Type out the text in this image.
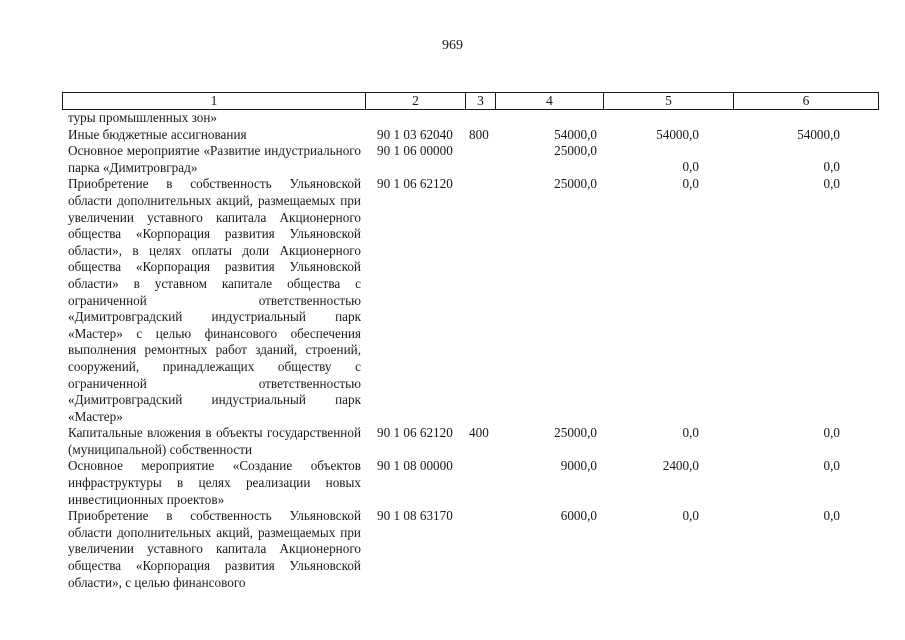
969
1	2	3	4	5	6
туры промышленных зон»					
Иные бюджетные ассигнования	90 1 03 62040	800	54000,0	54000,0	54000,0
Основное мероприятие «Развитие индустриального парка «Димитровград»	90 1 06 00000		25000,0	0,0	0,0
Приобретение в собственность Ульяновской области дополнительных акций, размещаемых при увеличении уставного капитала Акционерного общества «Корпорация развития Ульяновской области», в целях оплаты доли Акционерного общества «Корпорация развития Ульяновской области» в уставном капитале общества с ограниченной ответственностью «Димитровградский индустриальный парк «Мастер» с целью финансового обеспечения выполнения ремонтных работ зданий, строений, сооружений, принадлежащих обществу с ограниченной ответственностью «Димитровградский индустриальный парк «Мастер»	90 1 06 62120		25000,0	0,0	0,0
Капитальные вложения в объекты государственной (муниципальной) собственности	90 1 06 62120	400	25000,0	0,0	0,0
Основное мероприятие «Создание объектов инфраструктуры в целях реализации новых инвестиционных проектов»	90 1 08 00000		9000,0	2400,0	0,0
Приобретение в собственность Ульяновской области дополнительных акций, размещаемых при увеличении уставного капитала Акционерного общества «Корпорация развития Ульяновской области», с целью финансового	90 1 08 63170		6000,0	0,0	0,0
